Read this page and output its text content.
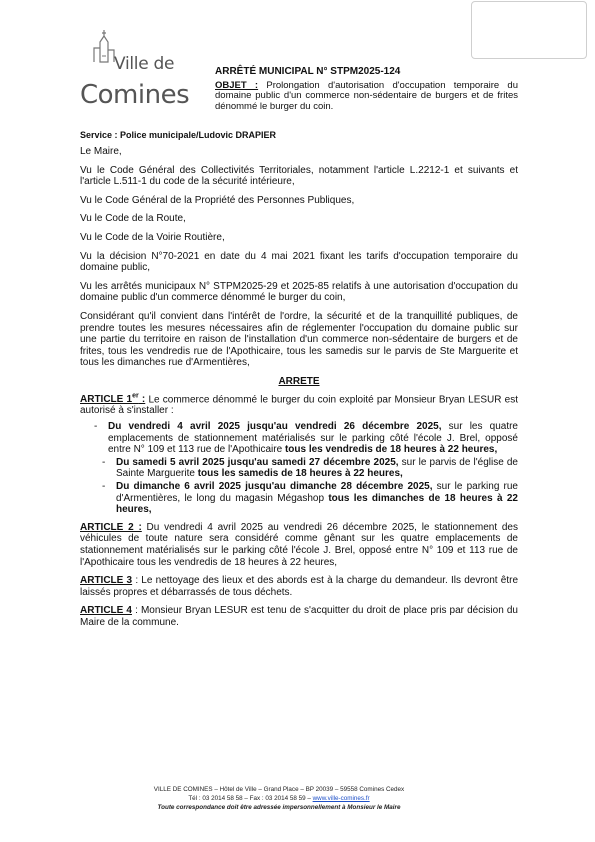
Ville de
Comines
ARRÊTÉ MUNICIPAL N° STPM2025-124
OBJET : Prolongation d'autorisation d'occupation temporaire du domaine public d'un commerce non-sédentaire de burgers et de frites dénommé le burger du coin.
Service : Police municipale/Ludovic DRAPIER

Le Maire,

Vu le Code Général des Collectivités Territoriales, notamment l'article L.2212-1 et suivants et l'article L.511-1 du code de la sécurité intérieure,

Vu le Code Général de la Propriété des Personnes Publiques,

Vu le Code de la Route,

Vu le Code de la Voirie Routière,

Vu la décision N°70-2021 en date du 4 mai 2021 fixant les tarifs d'occupation temporaire du domaine public,

Vu les arrêtés municipaux N° STPM2025-29 et 2025-85 relatifs à une autorisation d'occupation du domaine public d'un commerce dénommé le burger du coin,

Considérant qu'il convient dans l'intérêt de l'ordre, la sécurité et de la tranquillité publiques, de prendre toutes les mesures nécessaires afin de réglementer l'occupation du domaine public sur une partie du territoire en raison de l'installation d'un commerce non-sédentaire de burgers et de frites, tous les vendredis rue de l'Apothicaire, tous les samedis sur le parvis de Ste Marguerite et tous les dimanches rue d'Armentières,

ARRETE

ARTICLE 1er : Le commerce dénommé le burger du coin exploité par Monsieur Bryan LESUR est autorisé à s'installer :

- Du vendredi 4 avril 2025 jusqu'au vendredi 26 décembre 2025, sur les quatre emplacements de stationnement matérialisés sur le parking côté l'école J. Brel, opposé entre N° 109 et 113 rue de l'Apothicaire tous les vendredis de 18 heures à 22 heures,
- Du samedi 5 avril 2025 jusqu'au samedi 27 décembre 2025, sur le parvis de l'église de Sainte Marguerite tous les samedis de 18 heures à 22 heures,
- Du dimanche 6 avril 2025 jusqu'au dimanche 28 décembre 2025, sur le parking rue d'Armentières, le long du magasin Mégashop tous les dimanches de 18 heures à 22 heures,

ARTICLE 2 : Du vendredi 4 avril 2025 au vendredi 26 décembre 2025, le stationnement des véhicules de toute nature sera considéré comme gênant sur les quatre emplacements de stationnement matérialisés sur le parking côté l'école J. Brel, opposé entre N° 109 et 113 rue de l'Apothicaire tous les vendredis de 18 heures à 22 heures,

ARTICLE 3 : Le nettoyage des lieux et des abords est à la charge du demandeur. Ils devront être laissés propres et débarrassés de tous déchets.

ARTICLE 4 : Monsieur Bryan LESUR est tenu de s'acquitter du droit de place pris par décision du Maire de la commune.

VILLE DE COMINES – Hôtel de Ville – Grand Place – BP 20039 – 59558 Comines Cedex
Tél : 03 2014 58 58 – Fax : 03 2014 58 59 – www.ville-comines.fr
Toute correspondance doit être adressée impersonnellement à Monsieur le Maire
